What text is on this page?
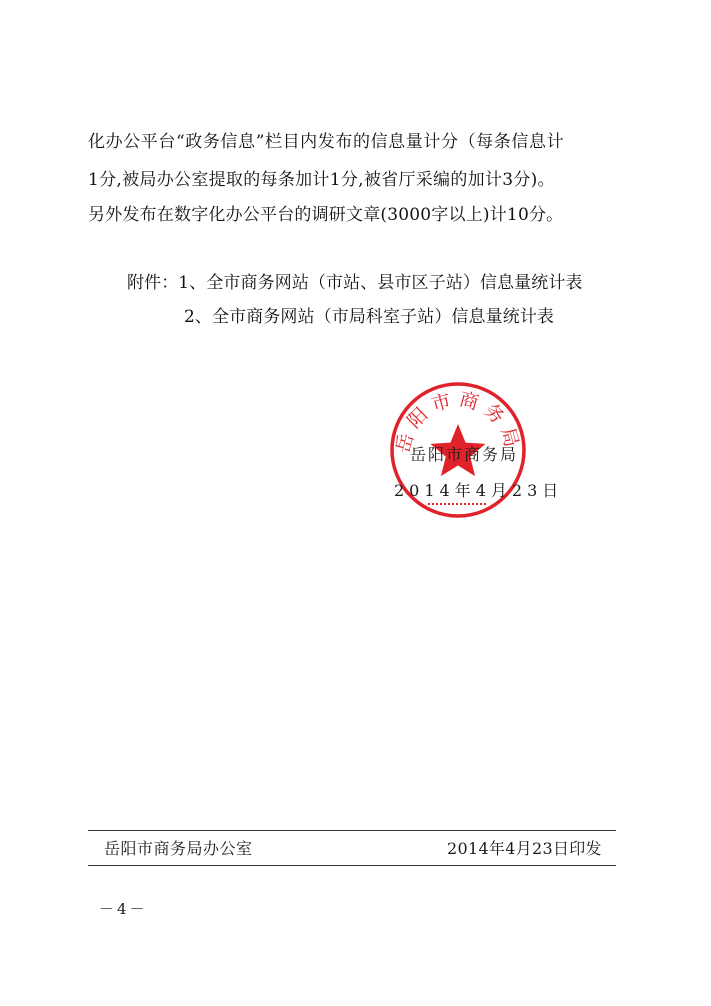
化办公平台“政务信息”栏目内发布的信息量计分（每条信息计
1分,被局办公室提取的每条加计1分,被省厅采编的加计3分)。
另外发布在数字化办公平台的调研文章(3000字以上)计10分。
附件：1、全市商务网站（市站、县市区子站）信息量统计表
2、全市商务网站（市局科室子站）信息量统计表
岳阳市商务局
岳阳市商务局
2014年4月23日
岳阳市商务局办公室	2014年4月23日印发
－4－
